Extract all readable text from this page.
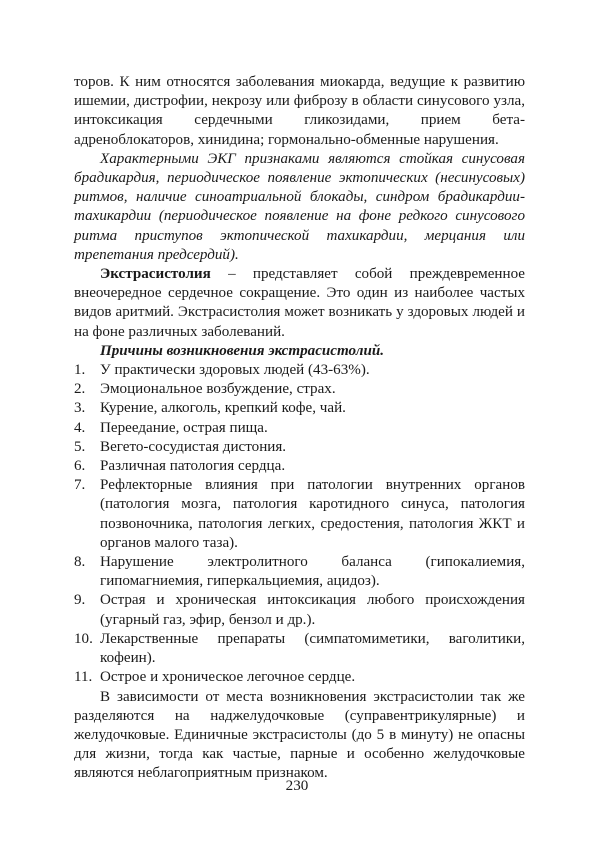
торов. К ним относятся заболевания миокарда, ведущие к развитию ишемии, дистрофии, некрозу или фиброзу в области синусового узла, интоксикация сердечными гликозидами, прием бета-адреноблокаторов, хинидина; гормонально-обменные нарушения.

Характерными ЭКГ признаками являются стойкая синусовая брадикардия, периодическое появление эктопических (несинусовых) ритмов, наличие синоатриальной блокады, синдром брадикардии-тахикардии (периодическое появление на фоне редкого синусового ритма приступов эктопической тахикардии, мерцания или трепетания предсердий).

Экстрасистолия – представляет собой преждевременное внеочередное сердечное сокращение. Это один из наиболее частых видов аритмий. Экстрасистолия может возникать у здоровых людей и на фоне различных заболеваний.

Причины возникновения экстрасистолий.

1. У практически здоровых людей (43-63%).
2. Эмоциональное возбуждение, страх.
3. Курение, алкоголь, крепкий кофе, чай.
4. Переедание, острая пища.
5. Вегето-сосудистая дистония.
6. Различная патология сердца.
7. Рефлекторные влияния при патологии внутренних органов (патология мозга, патология каротидного синуса, патология позвоночника, патология легких, средостения, патология ЖКТ и органов малого таза).
8. Нарушение электролитного баланса (гипокалиемия, гипомагниемия, гиперкальциемия, ацидоз).
9. Острая и хроническая интоксикация любого происхождения (угарный газ, эфир, бензол и др.).
10. Лекарственные препараты (симпатомиметики, ваголитики, кофеин).
11. Острое и хроническое легочное сердце.

В зависимости от места возникновения экстрасистолии так же разделяются на наджелудочковые (суправентрикулярные) и желудочковые. Единичные экстрасистолы (до 5 в минуту) не опасны для жизни, тогда как частые, парные и особенно желудочковые являются неблагоприятным признаком.

230
